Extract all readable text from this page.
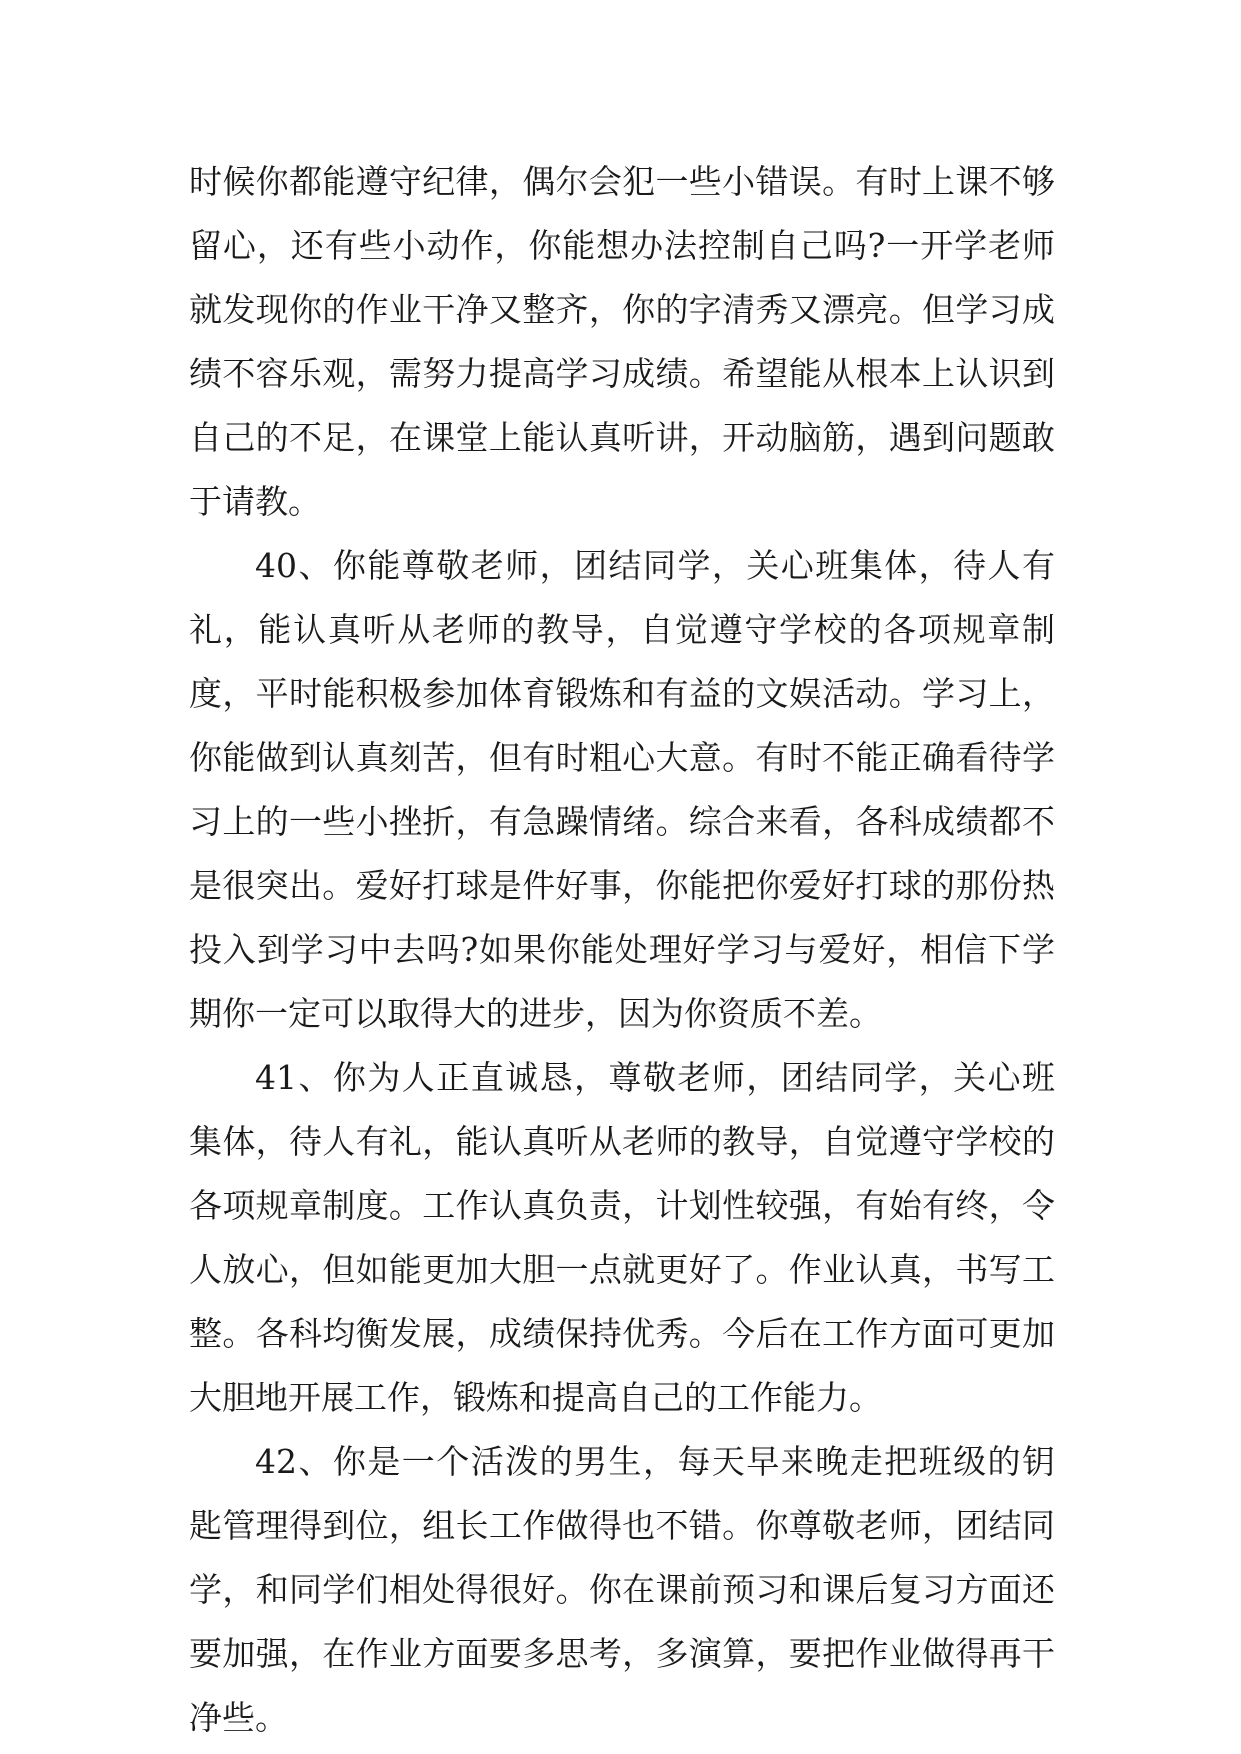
时候你都能遵守纪律，偶尔会犯一些小错误。有时上课不够留心，还有些小动作，你能想办法控制自己吗?一开学老师就发现你的作业干净又整齐，你的字清秀又漂亮。但学习成绩不容乐观，需努力提高学习成绩。希望能从根本上认识到自己的不足，在课堂上能认真听讲，开动脑筋，遇到问题敢于请教。

40、你能尊敬老师，团结同学，关心班集体，待人有礼，能认真听从老师的教导，自觉遵守学校的各项规章制度，平时能积极参加体育锻炼和有益的文娱活动。学习上，你能做到认真刻苦，但有时粗心大意。有时不能正确看待学习上的一些小挫折，有急躁情绪。综合来看，各科成绩都不是很突出。爱好打球是件好事，你能把你爱好打球的那份热投入到学习中去吗?如果你能处理好学习与爱好，相信下学期你一定可以取得大的进步，因为你资质不差。

41、你为人正直诚恳，尊敬老师，团结同学，关心班集体，待人有礼，能认真听从老师的教导，自觉遵守学校的各项规章制度。工作认真负责，计划性较强，有始有终，令人放心，但如能更加大胆一点就更好了。作业认真，书写工整。各科均衡发展，成绩保持优秀。今后在工作方面可更加大胆地开展工作，锻炼和提高自己的工作能力。

42、你是一个活泼的男生，每天早来晚走把班级的钥匙管理得到位，组长工作做得也不错。你尊敬老师，团结同学，和同学们相处得很好。你在课前预习和课后复习方面还要加强，在作业方面要多思考，多演算，要把作业做得再干净些。
